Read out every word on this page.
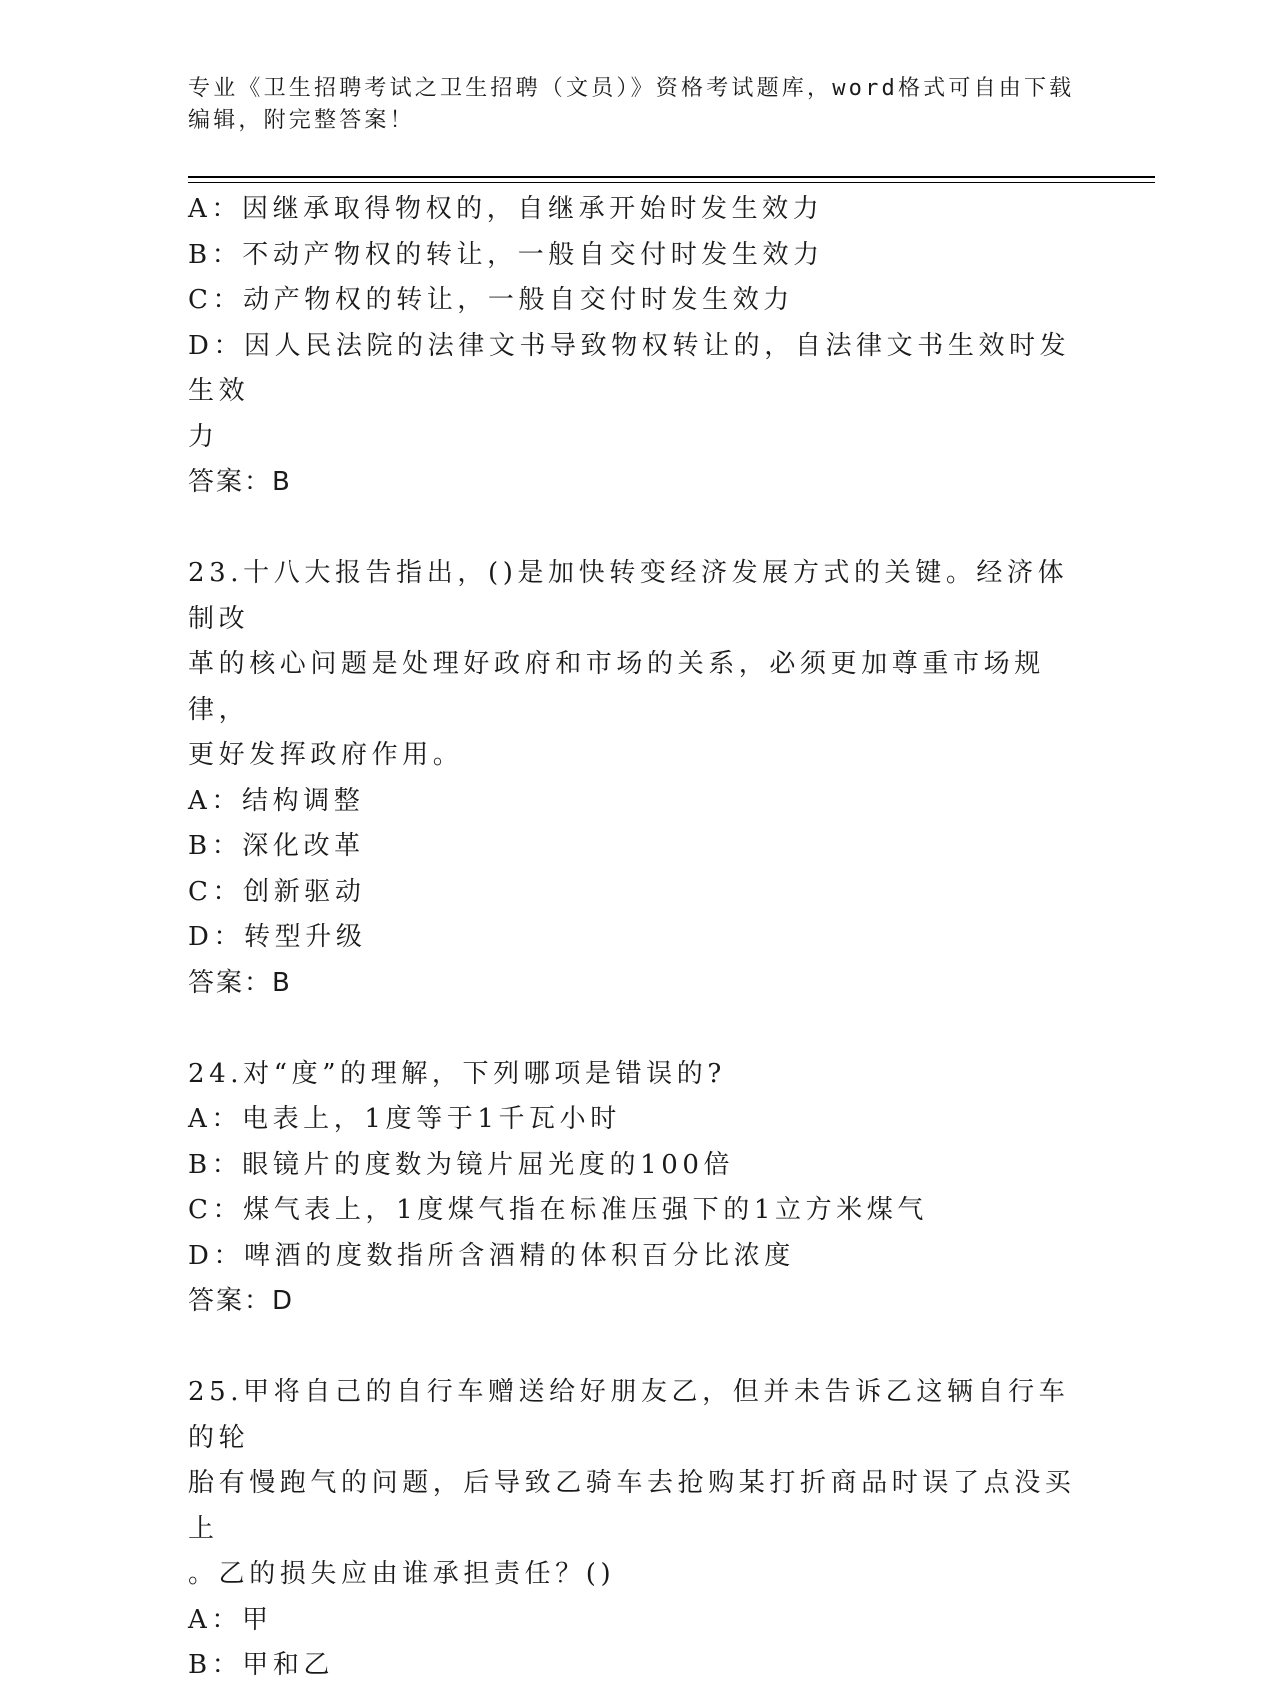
专业《卫生招聘考试之卫生招聘（文员）》资格考试题库，word格式可自由下载
编辑，附完整答案！
A：因继承取得物权的，自继承开始时发生效力
B：不动产物权的转让，一般自交付时发生效力
C：动产物权的转让，一般自交付时发生效力
D：因人民法院的法律文书导致物权转让的，自法律文书生效时发生效
力
答案：B
23.十八大报告指出，()是加快转变经济发展方式的关键。经济体制改
革的核心问题是处理好政府和市场的关系，必须更加尊重市场规律，
更好发挥政府作用。
A：结构调整
B：深化改革
C：创新驱动
D：转型升级
答案：B
24.对“度”的理解，下列哪项是错误的?
A：电表上，1度等于1千瓦小时
B：眼镜片的度数为镜片屈光度的100倍
C：煤气表上，1度煤气指在标准压强下的1立方米煤气
D：啤酒的度数指所含酒精的体积百分比浓度
答案：D
25.甲将自己的自行车赠送给好朋友乙，但并未告诉乙这辆自行车的轮
胎有慢跑气的问题，后导致乙骑车去抢购某打折商品时误了点没买上
。乙的损失应由谁承担责任？()
A：甲
B：甲和乙
